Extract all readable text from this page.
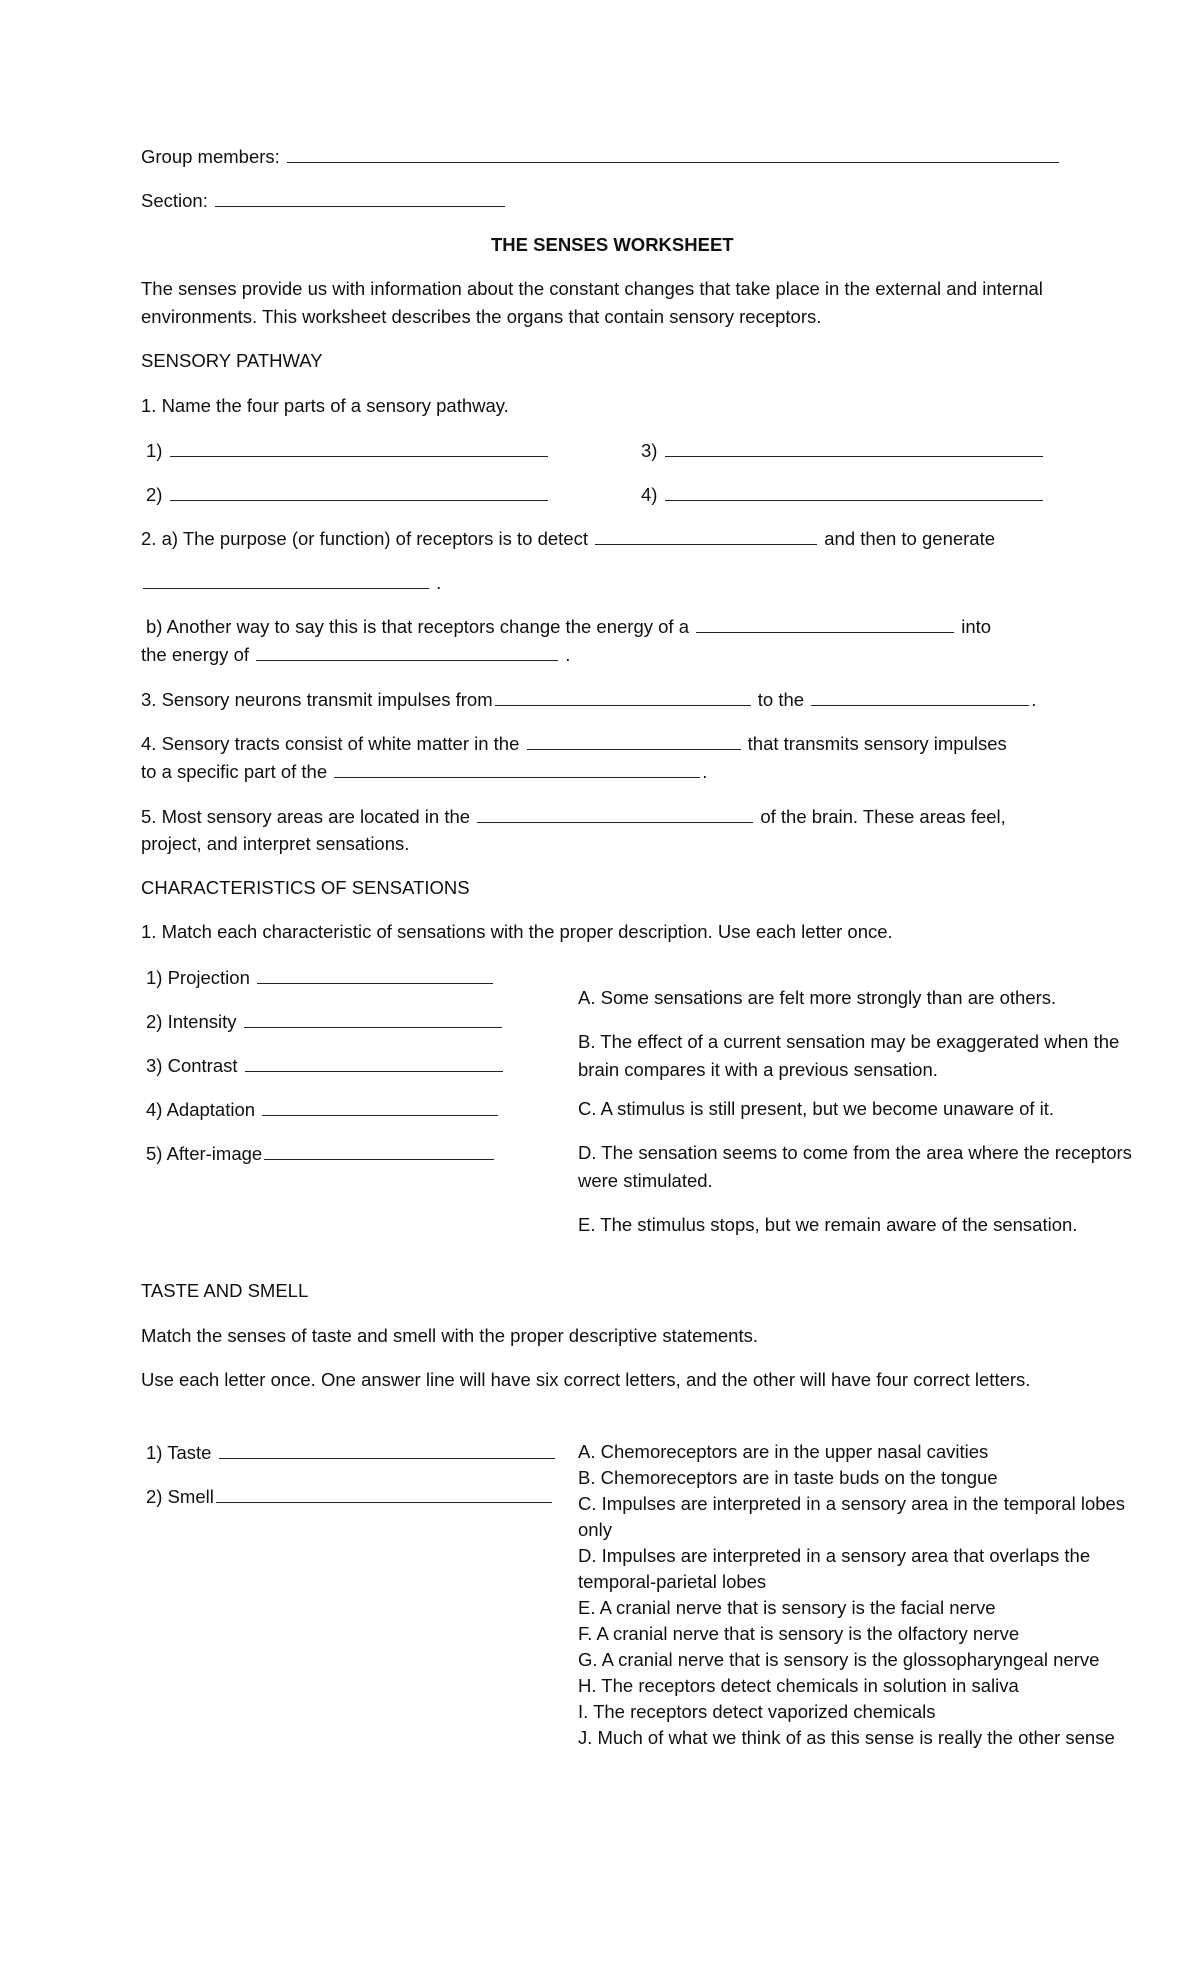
Group members:
Section:
THE SENSES WORKSHEET
The senses provide us with information about the constant changes that take place in the external and internal environments. This worksheet describes the organs that contain sensory receptors.
SENSORY PATHWAY
1. Name the four parts of a sensory pathway.
1)	3)
2)	4)
2. a) The purpose (or function) of receptors is to detect	and then to generate
.
b) Another way to say this is that receptors change the energy of a	into
the energy of	.
3. Sensory neurons transmit impulses from	to the	.
4. Sensory tracts consist of white matter in the	that transmits sensory impulses
to a specific part of the	.
5. Most sensory areas are located in the	of the brain. These areas feel,
project, and interpret sensations.
CHARACTERISTICS OF SENSATIONS
1. Match each characteristic of sensations with the proper description. Use each letter once.
1) Projection
2) Intensity
3) Contrast
4) Adaptation
5) After-image
A. Some sensations are felt more strongly than are others.
B. The effect of a current sensation may be exaggerated when the brain compares it with a previous sensation.
C. A stimulus is still present, but we become unaware of it.
D. The sensation seems to come from the area where the receptors were stimulated.
E. The stimulus stops, but we remain aware of the sensation.
TASTE AND SMELL
Match the senses of taste and smell with the proper descriptive statements.
Use each letter once. One answer line will have six correct letters, and the other will have four correct letters.
1) Taste
2) Smell
A. Chemoreceptors are in the upper nasal cavities
B. Chemoreceptors are in taste buds on the tongue
C. Impulses are interpreted in a sensory area in the temporal lobes only
D. Impulses are interpreted in a sensory area that overlaps the temporal-parietal lobes
E. A cranial nerve that is sensory is the facial nerve
F. A cranial nerve that is sensory is the olfactory nerve
G. A cranial nerve that is sensory is the glossopharyngeal nerve
H. The receptors detect chemicals in solution in saliva
I. The receptors detect vaporized chemicals
J. Much of what we think of as this sense is really the other sense
